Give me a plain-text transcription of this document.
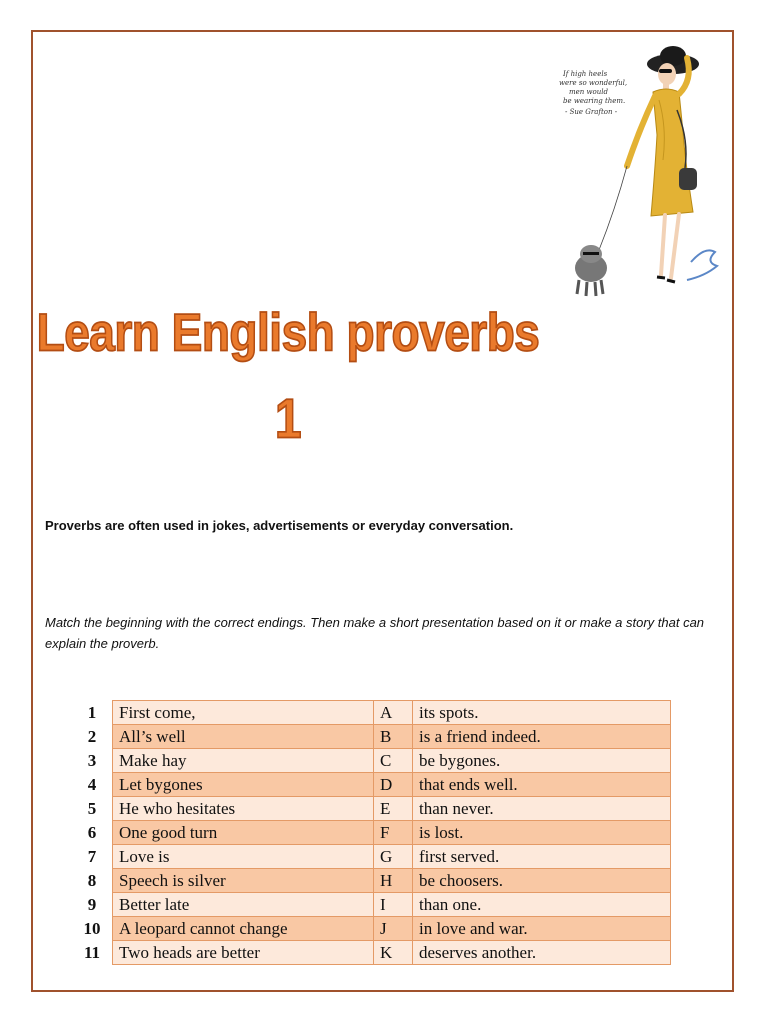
If high heels
were so wonderful,
men would
be wearing them.
- Sue Grafton -
Learn English proverbs
1
Proverbs are often used in jokes, advertisements or everyday conversation.
Match the beginning with the correct endings. Then make a short presentation based on it or make a story that can explain the proverb.
1	First come,	A	its spots.
2	All’s well	B	is a friend indeed.
3	Make hay	C	be bygones.
4	Let bygones	D	that ends well.
5	He who hesitates	E	than never.
6	One good turn	F	is lost.
7	Love is	G	first served.
8	Speech is silver	H	be choosers.
9	Better late	I	than one.
10	A leopard cannot change	J	in love and war.
11	Two heads are better	K	deserves another.
